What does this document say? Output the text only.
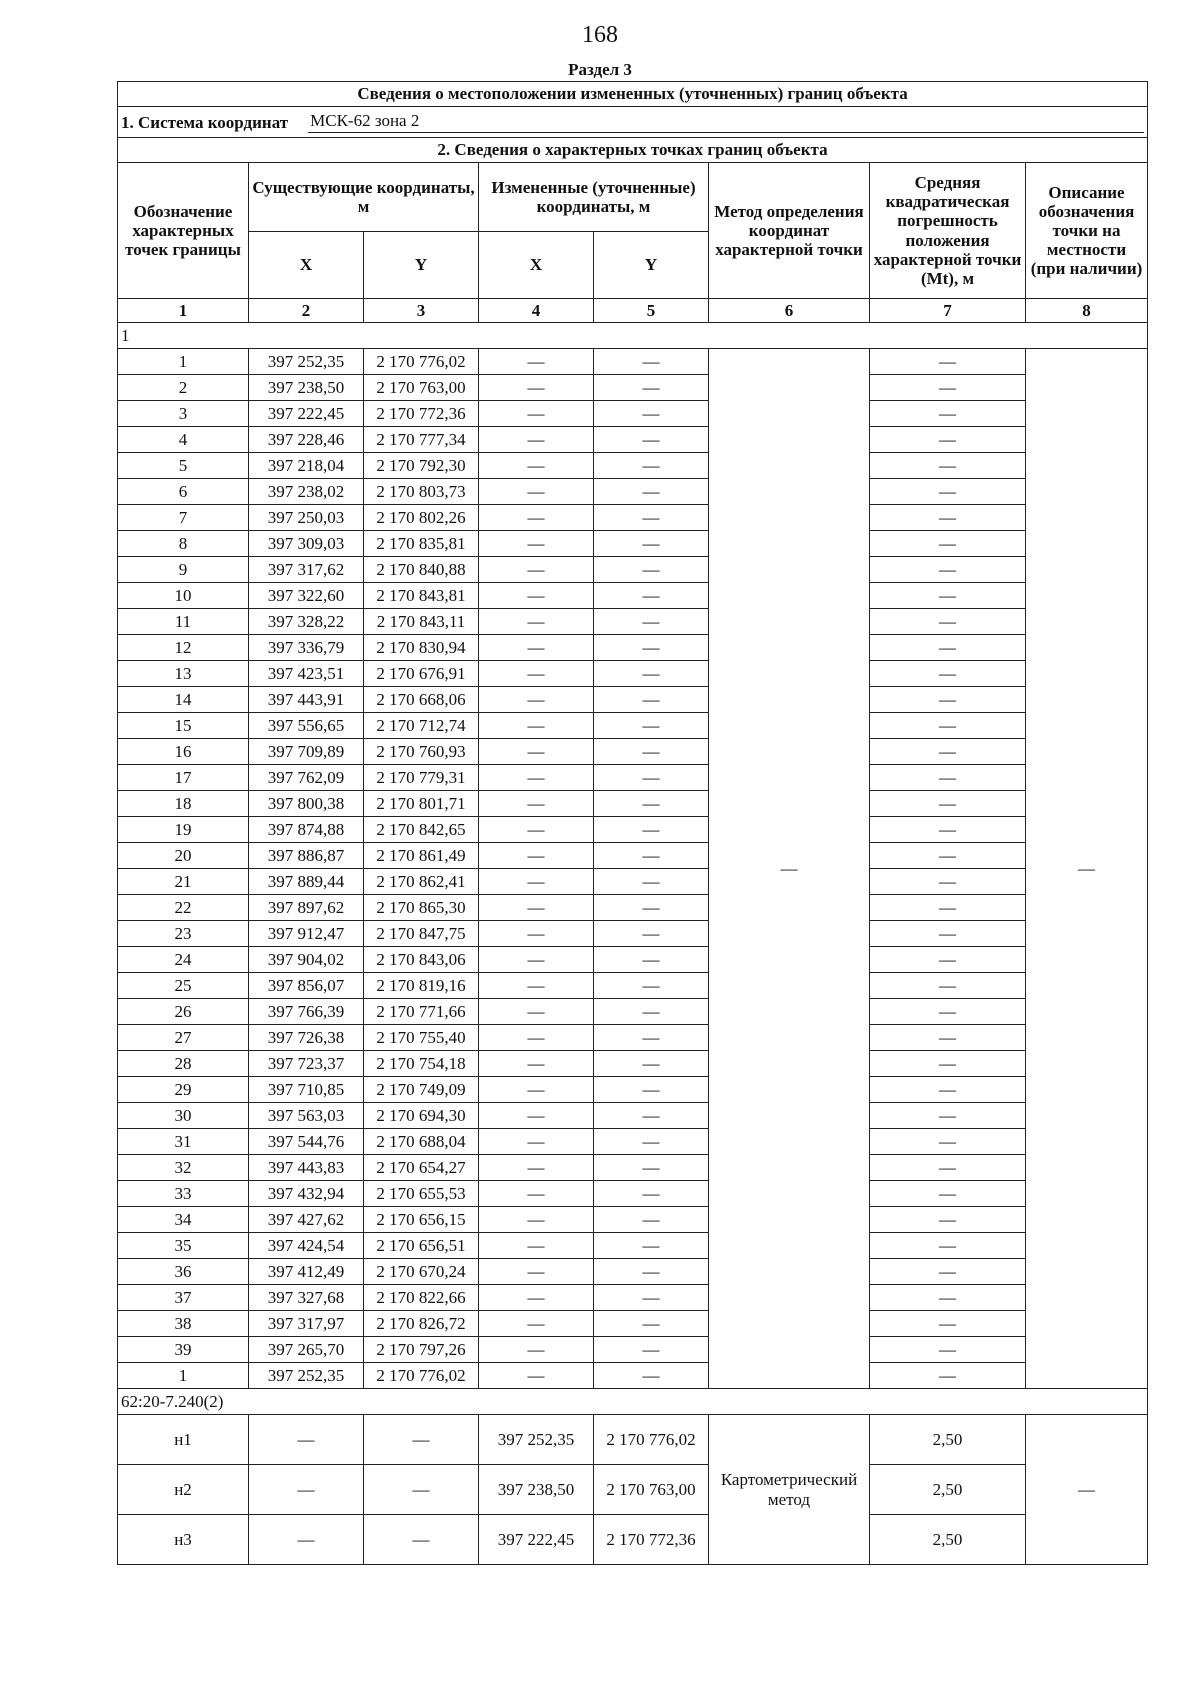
168
Раздел 3
Сведения о местоположении измененных (уточненных) границ объекта							

1. Система координат МСК-62 зона 2							

2. Сведения о характерных точках границ объекта							
Обозначение характерных точек границы	Существующие координаты, м		Измененные (уточненные) координаты, м		Метод определения координат характерной точки	Средняя квадратическая погрешность положения характерной точки (Mt), м	Описание обозначения точки на местности (при наличии)
	X	Y	X	Y			
1	2	3	4	5	6	7	8
1							
1	397 252,35	2 170 776,02	—	—	—	—	—
2	397 238,50	2 170 763,00	—	—		—	
3	397 222,45	2 170 772,36	—	—		—	
4	397 228,46	2 170 777,34	—	—		—	
5	397 218,04	2 170 792,30	—	—		—	
6	397 238,02	2 170 803,73	—	—		—	
7	397 250,03	2 170 802,26	—	—		—	
8	397 309,03	2 170 835,81	—	—		—	
9	397 317,62	2 170 840,88	—	—		—	
10	397 322,60	2 170 843,81	—	—		—	
11	397 328,22	2 170 843,11	—	—		—	
12	397 336,79	2 170 830,94	—	—		—	
13	397 423,51	2 170 676,91	—	—		—	
14	397 443,91	2 170 668,06	—	—		—	
15	397 556,65	2 170 712,74	—	—		—	
16	397 709,89	2 170 760,93	—	—		—	
17	397 762,09	2 170 779,31	—	—		—	
18	397 800,38	2 170 801,71	—	—		—	
19	397 874,88	2 170 842,65	—	—		—	
20	397 886,87	2 170 861,49	—	—		—	
21	397 889,44	2 170 862,41	—	—		—	
22	397 897,62	2 170 865,30	—	—		—	
23	397 912,47	2 170 847,75	—	—		—	
24	397 904,02	2 170 843,06	—	—		—	
25	397 856,07	2 170 819,16	—	—		—	
26	397 766,39	2 170 771,66	—	—		—	
27	397 726,38	2 170 755,40	—	—		—	
28	397 723,37	2 170 754,18	—	—		—	
29	397 710,85	2 170 749,09	—	—		—	
30	397 563,03	2 170 694,30	—	—		—	
31	397 544,76	2 170 688,04	—	—		—	
32	397 443,83	2 170 654,27	—	—		—	
33	397 432,94	2 170 655,53	—	—		—	
34	397 427,62	2 170 656,15	—	—		—	
35	397 424,54	2 170 656,51	—	—		—	
36	397 412,49	2 170 670,24	—	—		—	
37	397 327,68	2 170 822,66	—	—		—	
38	397 317,97	2 170 826,72	—	—		—	
39	397 265,70	2 170 797,26	—	—		—	
1	397 252,35	2 170 776,02	—	—		—	
62:20-7.240(2)							
н1	—	—	397 252,35	2 170 776,02	Картометрический метод	2,50	—
н2	—	—	397 238,50	2 170 763,00		2,50	
н3	—	—	397 222,45	2 170 772,36		2,50	
